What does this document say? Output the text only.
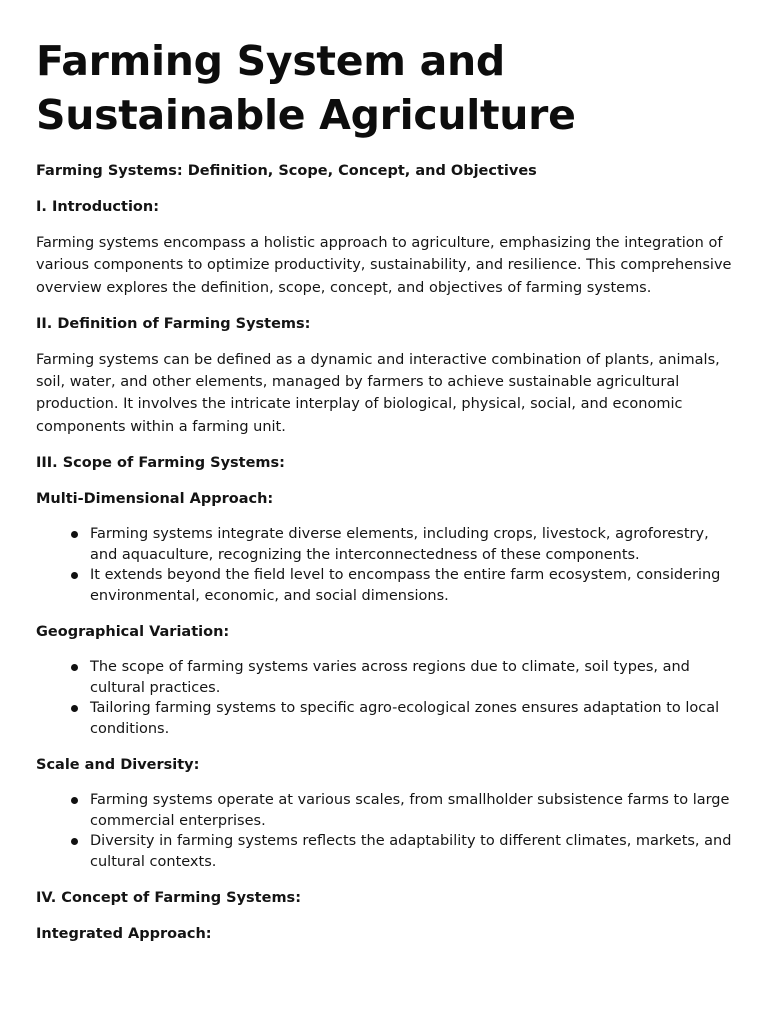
Farming System and Sustainable Agriculture

Farming Systems: Definition, Scope, Concept, and Objectives

I. Introduction:

Farming systems encompass a holistic approach to agriculture, emphasizing the integration of various components to optimize productivity, sustainability, and resilience. This comprehensive overview explores the definition, scope, concept, and objectives of farming systems.

II. Definition of Farming Systems:

Farming systems can be defined as a dynamic and interactive combination of plants, animals, soil, water, and other elements, managed by farmers to achieve sustainable agricultural production. It involves the intricate interplay of biological, physical, social, and economic components within a farming unit.

III. Scope of Farming Systems:

Multi-Dimensional Approach:

Farming systems integrate diverse elements, including crops, livestock, agroforestry, and aquaculture, recognizing the interconnectedness of these components.
It extends beyond the field level to encompass the entire farm ecosystem, considering environmental, economic, and social dimensions.

Geographical Variation:

The scope of farming systems varies across regions due to climate, soil types, and cultural practices.
Tailoring farming systems to specific agro-ecological zones ensures adaptation to local conditions.

Scale and Diversity:

Farming systems operate at various scales, from smallholder subsistence farms to large commercial enterprises.
Diversity in farming systems reflects the adaptability to different climates, markets, and cultural contexts.

IV. Concept of Farming Systems:

Integrated Approach:
